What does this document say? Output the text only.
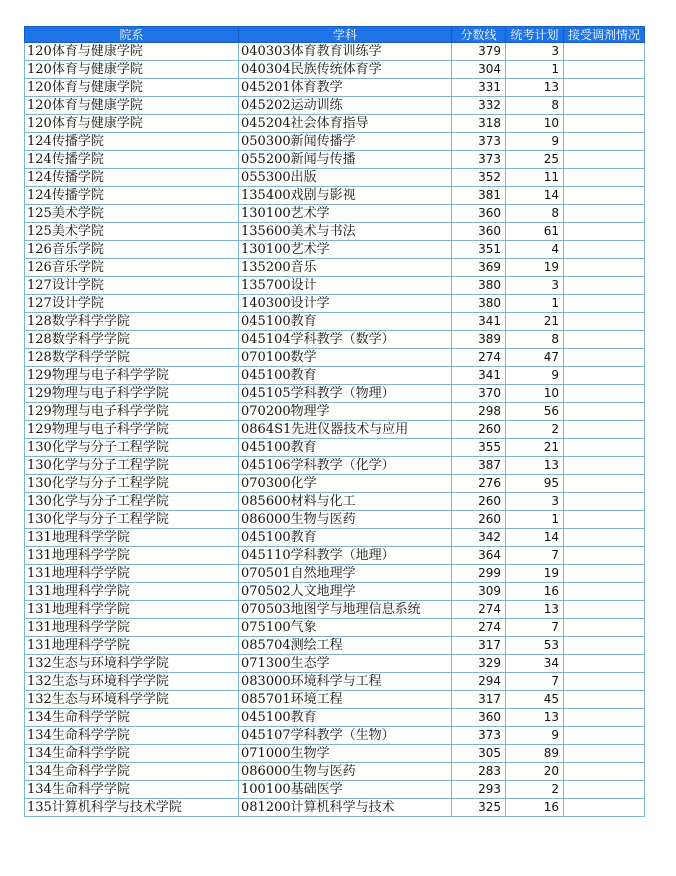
院系	学科	分数线	统考计划	接受调剂情况
120体育与健康学院	040303体育教育训练学	379	3	
120体育与健康学院	040304民族传统体育学	304	1	
120体育与健康学院	045201体育教学	331	13	
120体育与健康学院	045202运动训练	332	8	
120体育与健康学院	045204社会体育指导	318	10	
124传播学院	050300新闻传播学	373	9	
124传播学院	055200新闻与传播	373	25	
124传播学院	055300出版	352	11	
124传播学院	135400戏剧与影视	381	14	
125美术学院	130100艺术学	360	8	
125美术学院	135600美术与书法	360	61	
126音乐学院	130100艺术学	351	4	
126音乐学院	135200音乐	369	19	
127设计学院	135700设计	380	3	
127设计学院	140300设计学	380	1	
128数学科学学院	045100教育	341	21	
128数学科学学院	045104学科教学（数学）	389	8	
128数学科学学院	070100数学	274	47	
129物理与电子科学学院	045100教育	341	9	
129物理与电子科学学院	045105学科教学（物理）	370	10	
129物理与电子科学学院	070200物理学	298	56	
129物理与电子科学学院	0864S1先进仪器技术与应用	260	2	
130化学与分子工程学院	045100教育	355	21	
130化学与分子工程学院	045106学科教学（化学）	387	13	
130化学与分子工程学院	070300化学	276	95	
130化学与分子工程学院	085600材料与化工	260	3	
130化学与分子工程学院	086000生物与医药	260	1	
131地理科学学院	045100教育	342	14	
131地理科学学院	045110学科教学（地理）	364	7	
131地理科学学院	070501自然地理学	299	19	
131地理科学学院	070502人文地理学	309	16	
131地理科学学院	070503地图学与地理信息系统	274	13	
131地理科学学院	075100气象	274	7	
131地理科学学院	085704测绘工程	317	53	
132生态与环境科学学院	071300生态学	329	34	
132生态与环境科学学院	083000环境科学与工程	294	7	
132生态与环境科学学院	085701环境工程	317	45	
134生命科学学院	045100教育	360	13	
134生命科学学院	045107学科教学（生物）	373	9	
134生命科学学院	071000生物学	305	89	
134生命科学学院	086000生物与医药	283	20	
134生命科学学院	100100基础医学	293	2	
135计算机科学与技术学院	081200计算机科学与技术	325	16	
